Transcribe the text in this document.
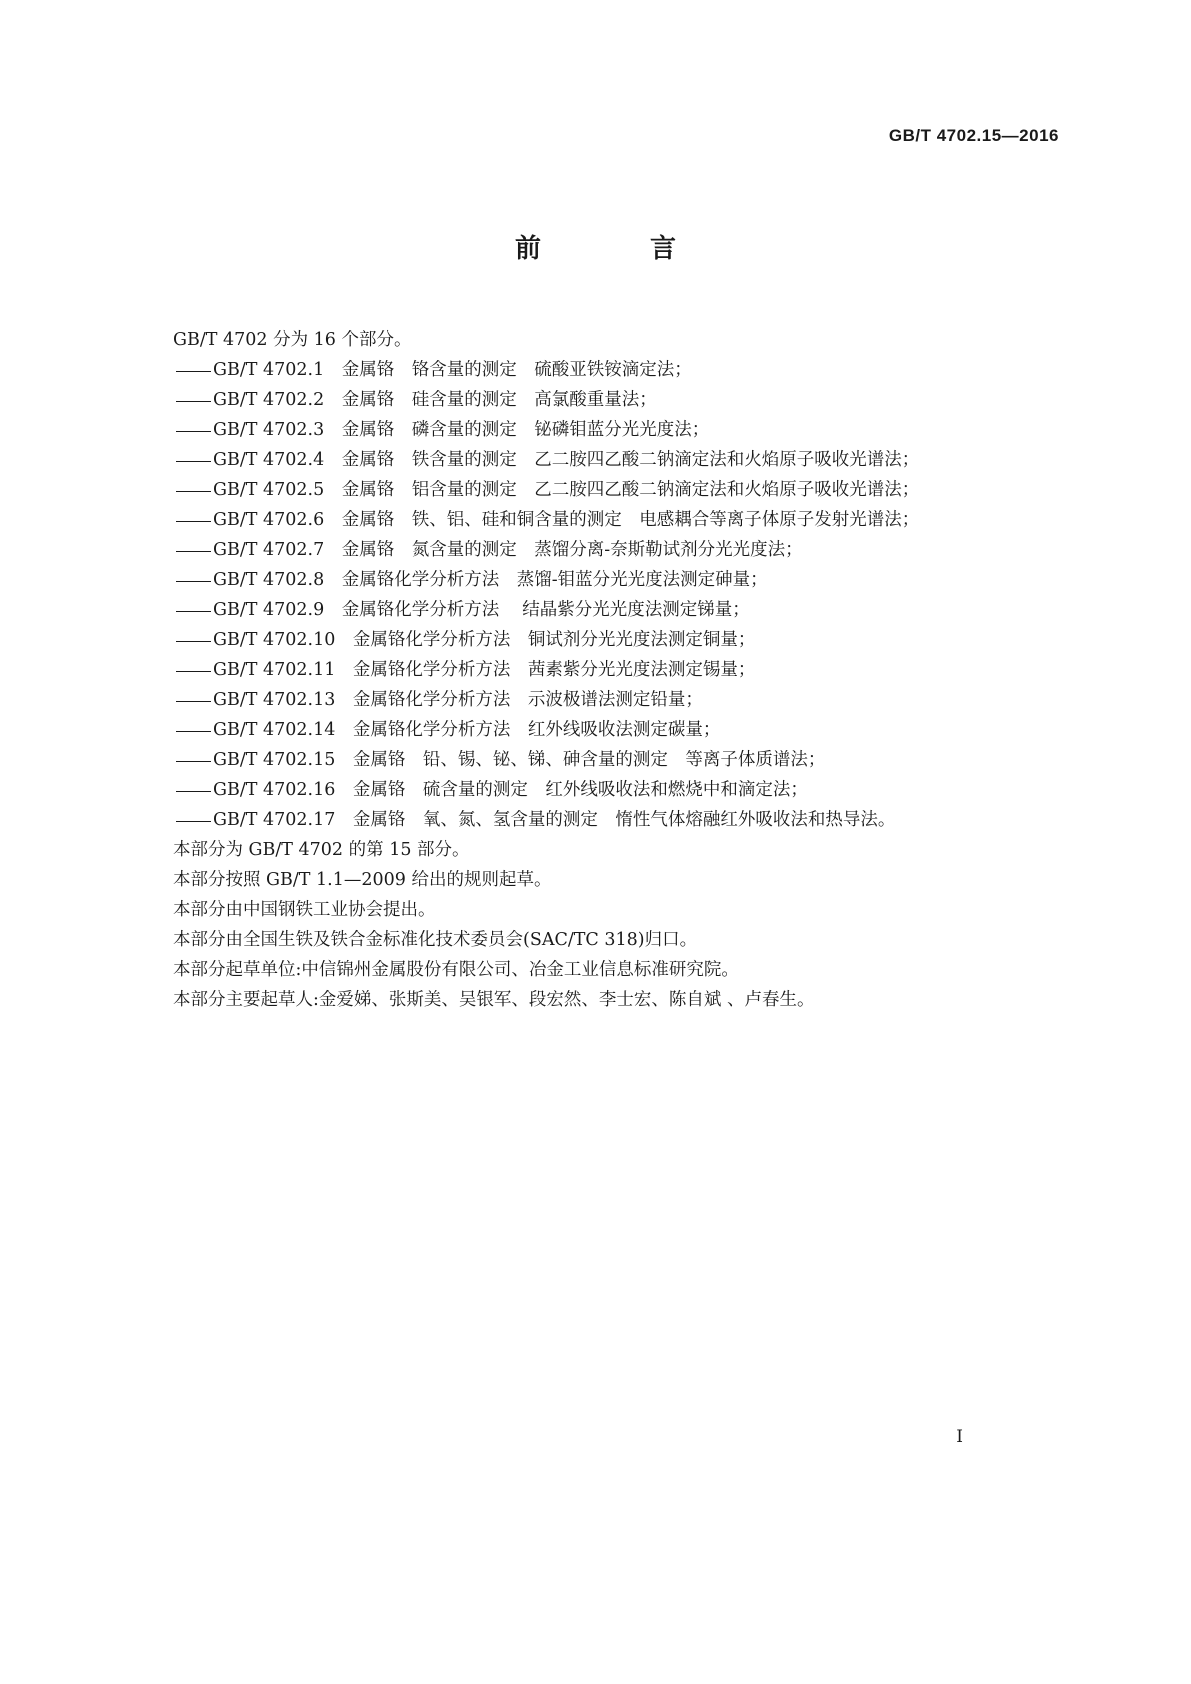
GB/T 4702.15—2016
前 言
GB/T 4702 分为 16 个部分。
GB/T 4702.1　金属铬　铬含量的测定　硫酸亚铁铵滴定法；
GB/T 4702.2　金属铬　硅含量的测定　高氯酸重量法；
GB/T 4702.3　金属铬　磷含量的测定　铋磷钼蓝分光光度法；
GB/T 4702.4　金属铬　铁含量的测定　乙二胺四乙酸二钠滴定法和火焰原子吸收光谱法；
GB/T 4702.5　金属铬　铝含量的测定　乙二胺四乙酸二钠滴定法和火焰原子吸收光谱法；
GB/T 4702.6　金属铬　铁、铝、硅和铜含量的测定　电感耦合等离子体原子发射光谱法；
GB/T 4702.7　金属铬　氮含量的测定　蒸馏分离-奈斯勒试剂分光光度法；
GB/T 4702.8　金属铬化学分析方法　蒸馏-钼蓝分光光度法测定砷量；
GB/T 4702.9　金属铬化学分析方法　 结晶紫分光光度法测定锑量；
GB/T 4702.10　金属铬化学分析方法　铜试剂分光光度法测定铜量；
GB/T 4702.11　金属铬化学分析方法　茜素紫分光光度法测定锡量；
GB/T 4702.13　金属铬化学分析方法　示波极谱法测定铅量；
GB/T 4702.14　金属铬化学分析方法　红外线吸收法测定碳量；
GB/T 4702.15　金属铬　铅、锡、铋、锑、砷含量的测定　等离子体质谱法；
GB/T 4702.16　金属铬　硫含量的测定　红外线吸收法和燃烧中和滴定法；
GB/T 4702.17　金属铬　氧、氮、氢含量的测定　惰性气体熔融红外吸收法和热导法。
本部分为 GB/T 4702 的第 15 部分。
本部分按照 GB/T 1.1—2009 给出的规则起草。
本部分由中国钢铁工业协会提出。
本部分由全国生铁及铁合金标准化技术委员会(SAC/TC 318)归口。
本部分起草单位:中信锦州金属股份有限公司、冶金工业信息标准研究院。
本部分主要起草人:金爱娣、张斯美、吴银军、段宏然、李士宏、陈自斌 、卢春生。
I
